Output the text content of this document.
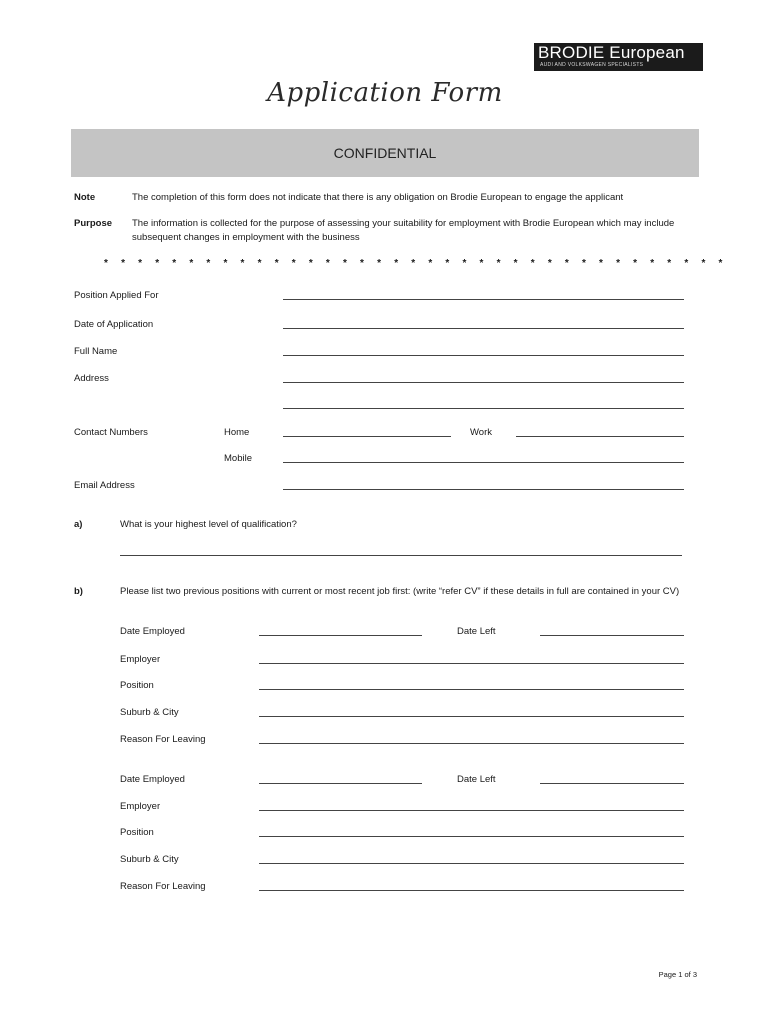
BRODIE European
AUDI AND VOLKSWAGEN SPECIALISTS
Application Form
CONFIDENTIAL
Note	The completion of this form does not indicate that there is any obligation on Brodie European to engage the applicant
Purpose The information is collected for the purpose of assessing your suitability for employment with Brodie European which may include subsequent changes in employment with the business
* * * * * * * * * * * * * * * * * * * * * * * * * * * * * * * * * * * * *
Position Applied For
Date of Application
Full Name
Address
Contact Numbers	Home	Work
Mobile
Email Address
a)	What is your highest level of qualification?
b)	Please list two previous positions with current or most recent job first: (write “refer CV” if these details in full are contained in your CV)
Date Employed	Date Left
Employer
Position
Suburb & City
Reason For Leaving
Date Employed	Date Left
Employer
Position
Suburb & City
Reason For Leaving
Page 1 of 3
